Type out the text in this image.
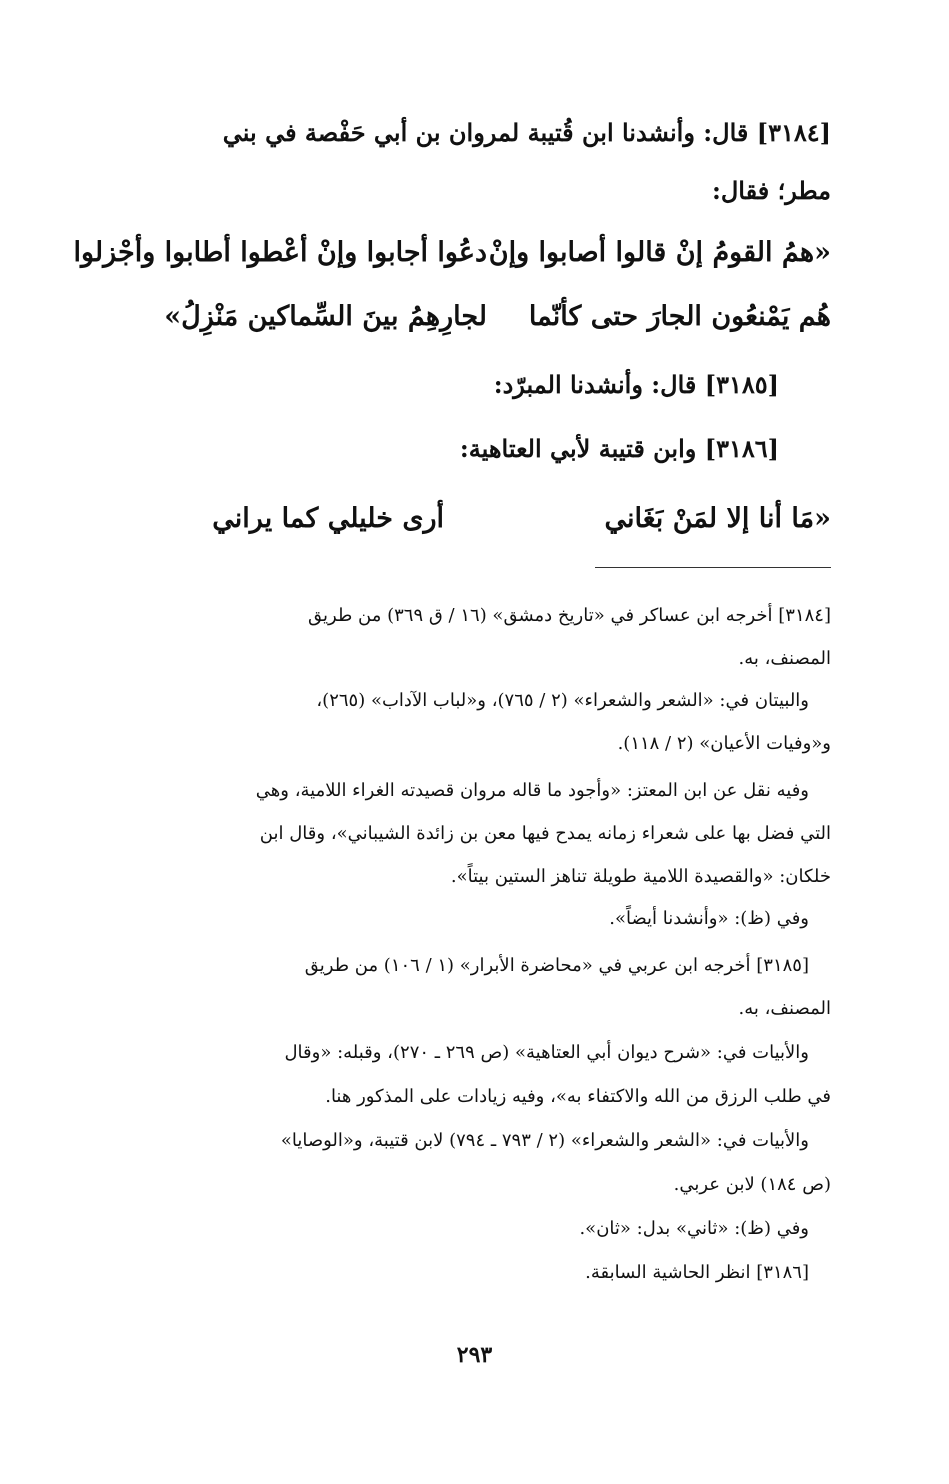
[٣١٨٤] قال: وأنشدنا ابن قُتيبة لمروان بن أبي حَفْصة في بني
مطر؛ فقال:
«همُ القومُ إنْ قالوا أصابوا وإنْ
دعُوا أجابوا وإنْ أعْطوا أطابوا وأجْزلوا
هُم يَمْنعُون الجارَ حتى كأنّما
لجارِهِمُ بينَ السِّماكين مَنْزِلُ»
[٣١٨٥] قال: وأنشدنا المبرّد:
[٣١٨٦] وابن قتيبة لأبي العتاهية:
«مَا أنا إلا لمَنْ بَغَاني
أرى خليلي كما يراني
[٣١٨٤] أخرجه ابن عساكر في «تاريخ دمشق» (١٦ / ق ٣٦٩) من طريق
المصنف، به.
والبيتان في: «الشعر والشعراء» (٢ / ٧٦٥)، و«لباب الآداب» (٢٦٥)،
و«وفيات الأعيان» (٢ / ١١٨).
وفيه نقل عن ابن المعتز: «وأجود ما قاله مروان قصيدته الغراء اللامية، وهي
التي فضل بها على شعراء زمانه يمدح فيها معن بن زائدة الشيباني»، وقال ابن
خلكان: «والقصيدة اللامية طويلة تناهز الستين بيتاً».
وفي (ظ): «وأنشدنا أيضاً».
[٣١٨٥] أخرجه ابن عربي في «محاضرة الأبرار» (١ / ١٠٦) من طريق
المصنف، به.
والأبيات في: «شرح ديوان أبي العتاهية» (ص ٢٦٩ ـ ٢٧٠)، وقبله: «وقال
في طلب الرزق من الله والاكتفاء به»، وفيه زيادات على المذكور هنا.
والأبيات في: «الشعر والشعراء» (٢ / ٧٩٣ ـ ٧٩٤) لابن قتيبة، و«الوصايا»
(ص ١٨٤) لابن عربي.
وفي (ظ): «ثاني» بدل: «ثان».
[٣١٨٦] انظر الحاشية السابقة.
٢٩٣
